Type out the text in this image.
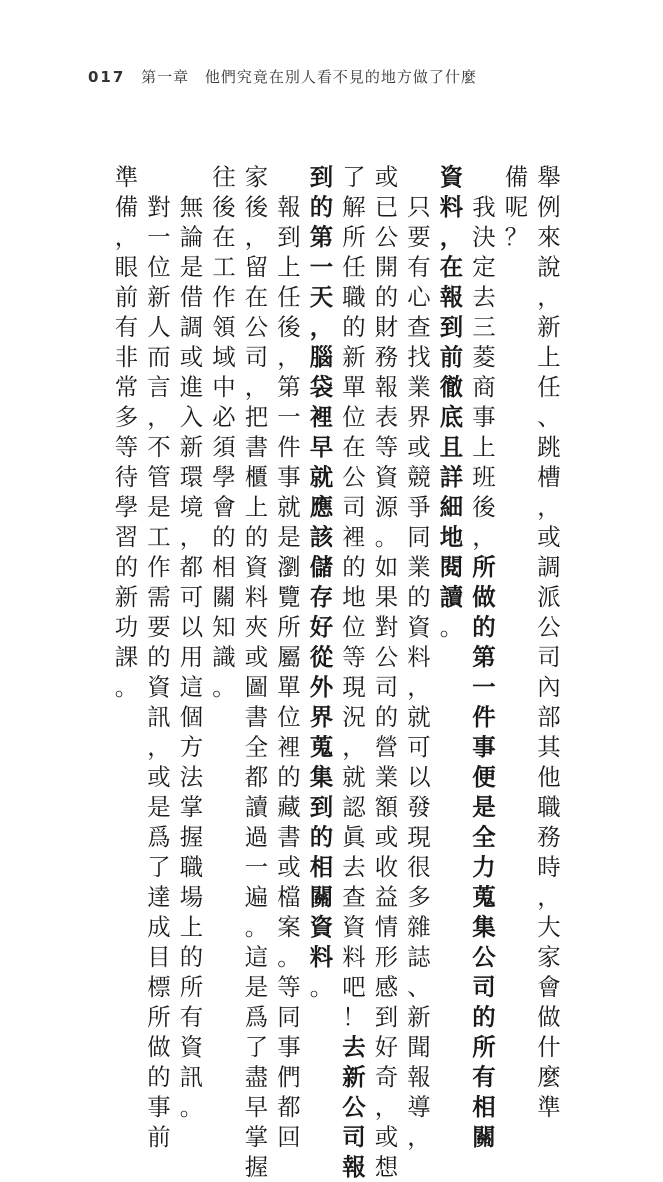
017 第一章 他們究竟在別人看不見的地方做了什麼
舉
例
來
說
，
新
上
任
、
跳
槽
，
或
調
派
公
司
內
部
其
他
職
務
時
，
大
家
會
做
什
麼
準
備
呢
？

我
決
定
去
三
菱
商
事
上
班
後
，
所
做
的
第
一
件
事
便
是
全
力
蒐
集
公
司
的
所
有
相
關
資
料
，
在
報
到
前
徹
底
且
詳
細
地
閱
讀
。

只
要
有
心
查
找
業
界
或
競
爭
同
業
的
資
料
，
就
可
以
發
現
很
多
雜
誌
、
新
聞
報
導
，
或
已
公
開
的
財
務
報
表
等
資
源
。
如
果
對
公
司
的
營
業
額
或
收
益
情
形
感
到
好
奇
，
或
想
了
解
所
任
職
的
新
單
位
在
公
司
裡
的
地
位
等
現
況
，
就
認
眞
去
查
資
料
吧
！
去
新
公
司
報
到
的
第
一
天
，
腦
袋
裡
早
就
應
該
儲
存
好
從
外
界
蒐
集
到
的
相
關
資
料
。

報
到
上
任
後
，
第
一
件
事
就
是
瀏
覽
所
屬
單
位
裡
的
藏
書
或
檔
案
。
等
同
事
們
都
回
家
後
，
留
在
公
司
，
把
書
櫃
上
的
資
料
夾
或
圖
書
全
都
讀
過
一
遍
。
這
是
爲
了
盡
早
掌
握
往
後
在
工
作
領
域
中
必
須
學
會
的
相
關
知
識
。

無
論
是
借
調
或
進
入
新
環
境
，
都
可
以
用
這
個
方
法
掌
握
職
場
上
的
所
有
資
訊
。

對
一
位
新
人
而
言
，
不
管
是
工
作
需
要
的
資
訊
，
或
是
爲
了
達
成
目
標
所
做
的
事
前
準
備
，
眼
前
有
非
常
多
等
待
學
習
的
新
功
課
。
